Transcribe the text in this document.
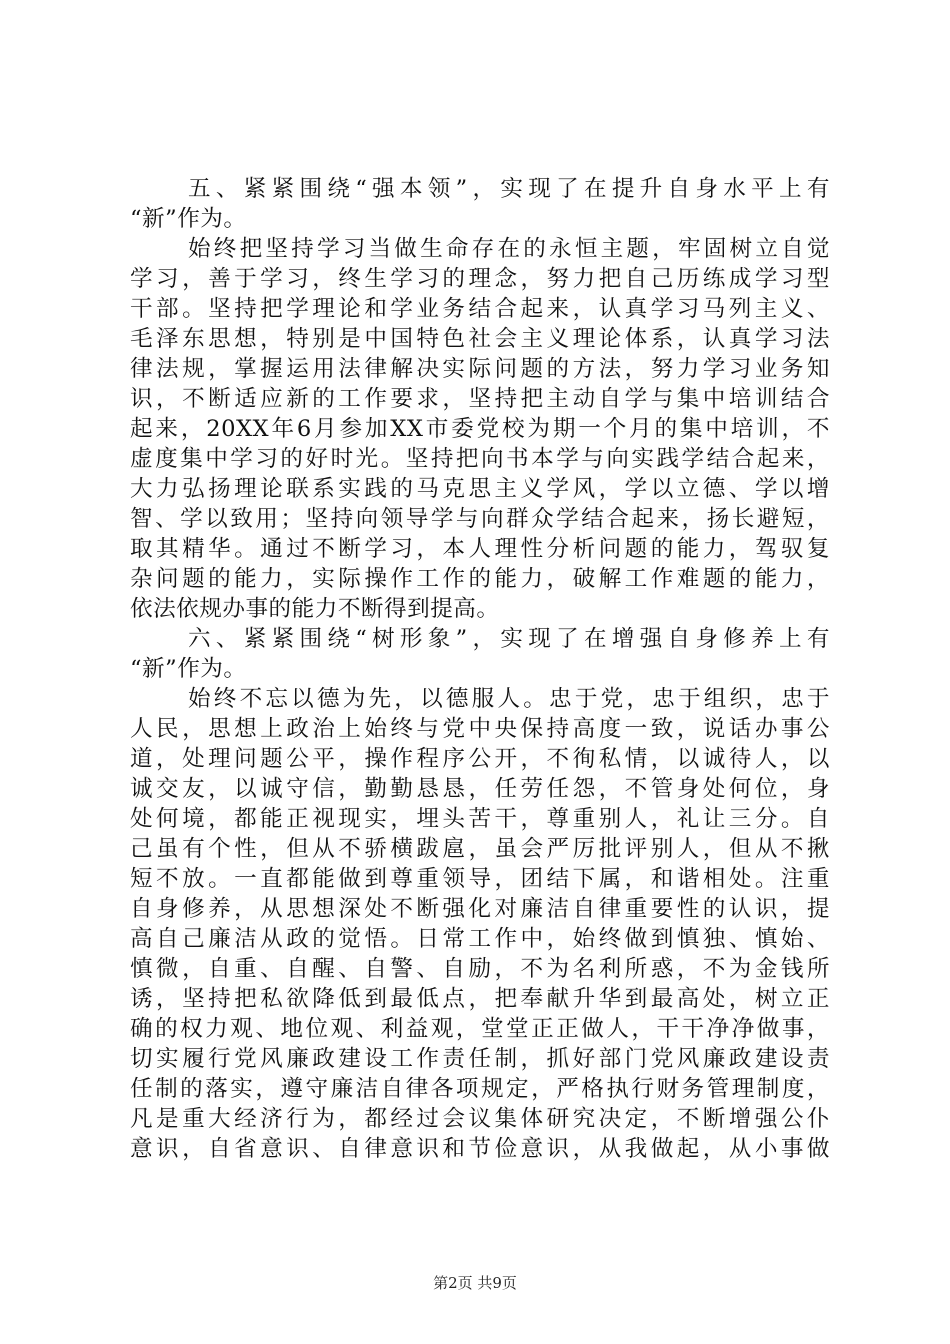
五、紧紧围绕“强本领”，实现了在提升自身水平上有
“新”作为。
始终把坚持学习当做生命存在的永恒主题，牢固树立自觉
学习，善于学习，终生学习的理念，努力把自己历练成学习型
干部。坚持把学理论和学业务结合起来，认真学习马列主义、
毛泽东思想，特别是中国特色社会主义理论体系，认真学习法
律法规，掌握运用法律解决实际问题的方法，努力学习业务知
识，不断适应新的工作要求，坚持把主动自学与集中培训结合
起来，20XX年6月参加XX市委党校为期一个月的集中培训，不
虚度集中学习的好时光。坚持把向书本学与向实践学结合起来，
大力弘扬理论联系实践的马克思主义学风，学以立德、学以增
智、学以致用；坚持向领导学与向群众学结合起来，扬长避短，
取其精华。通过不断学习，本人理性分析问题的能力，驾驭复
杂问题的能力，实际操作工作的能力，破解工作难题的能力，
依法依规办事的能力不断得到提高。
六、紧紧围绕“树形象”，实现了在增强自身修养上有
“新”作为。
始终不忘以德为先，以德服人。忠于党，忠于组织，忠于
人民，思想上政治上始终与党中央保持高度一致，说话办事公
道，处理问题公平，操作程序公开，不徇私情，以诚待人，以
诚交友，以诚守信，勤勤恳恳，任劳任怨，不管身处何位，身
处何境，都能正视现实，埋头苦干，尊重别人，礼让三分。自
己虽有个性，但从不骄横跋扈，虽会严厉批评别人，但从不揪
短不放。一直都能做到尊重领导，团结下属，和谐相处。注重
自身修养，从思想深处不断强化对廉洁自律重要性的认识，提
高自己廉洁从政的觉悟。日常工作中，始终做到慎独、慎始、
慎微，自重、自醒、自警、自励，不为名利所惑，不为金钱所
诱，坚持把私欲降低到最低点，把奉献升华到最高处，树立正
确的权力观、地位观、利益观，堂堂正正做人，干干净净做事，
切实履行党风廉政建设工作责任制，抓好部门党风廉政建设责
任制的落实，遵守廉洁自律各项规定，严格执行财务管理制度，
凡是重大经济行为，都经过会议集体研究决定，不断增强公仆
意识，自省意识、自律意识和节俭意识，从我做起，从小事做
第2页 共9页
